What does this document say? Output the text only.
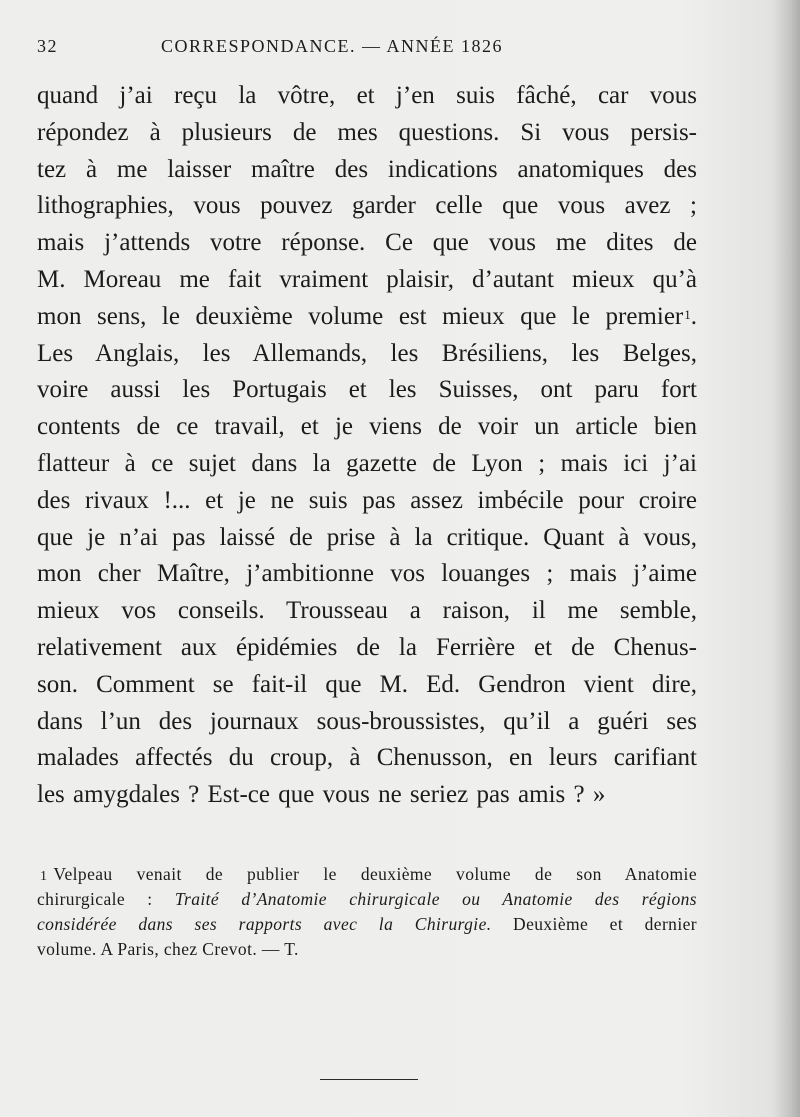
32	CORRESPONDANCE. — ANNÉE 1826
quand j’ai reçu la vôtre, et j’en suis fâché, car vous
répondez à plusieurs de mes questions. Si vous persis-
tez à me laisser maître des indications anatomiques des
lithographies, vous pouvez garder celle que vous avez ;
mais j’attends votre réponse. Ce que vous me dites de
M. Moreau me fait vraiment plaisir, d’autant mieux qu’à
mon sens, le deuxième volume est mieux que le premier$^1$.
Les Anglais, les Allemands, les Brésiliens, les Belges,
voire aussi les Portugais et les Suisses, ont paru fort
contents de ce travail, et je viens de voir un article bien
flatteur à ce sujet dans la gazette de Lyon ; mais ici j’ai
des rivaux !... et je ne suis pas assez imbécile pour croire
que je n’ai pas laissé de prise à la critique. Quant à vous,
mon cher Maître, j’ambitionne vos louanges ; mais j’aime
mieux vos conseils. Trousseau a raison, il me semble,
relativement aux épidémies de la Ferrière et de Chenus-
son. Comment se fait-il que M. Ed. Gendron vient dire,
dans l’un des journaux sous-broussistes, qu’il a guéri ses
malades affectés du croup, à Chenusson, en leurs carifiant
les amygdales ? Est-ce que vous ne seriez pas amis ? »
1 Velpeau venait de publier le deuxième volume de son Anatomie
chirurgicale : Traité d’Anatomie chirurgicale ou Anatomie des régions
considérée dans ses rapports avec la Chirurgie. Deuxième et dernier
volume. A Paris, chez Crevot. — T.
